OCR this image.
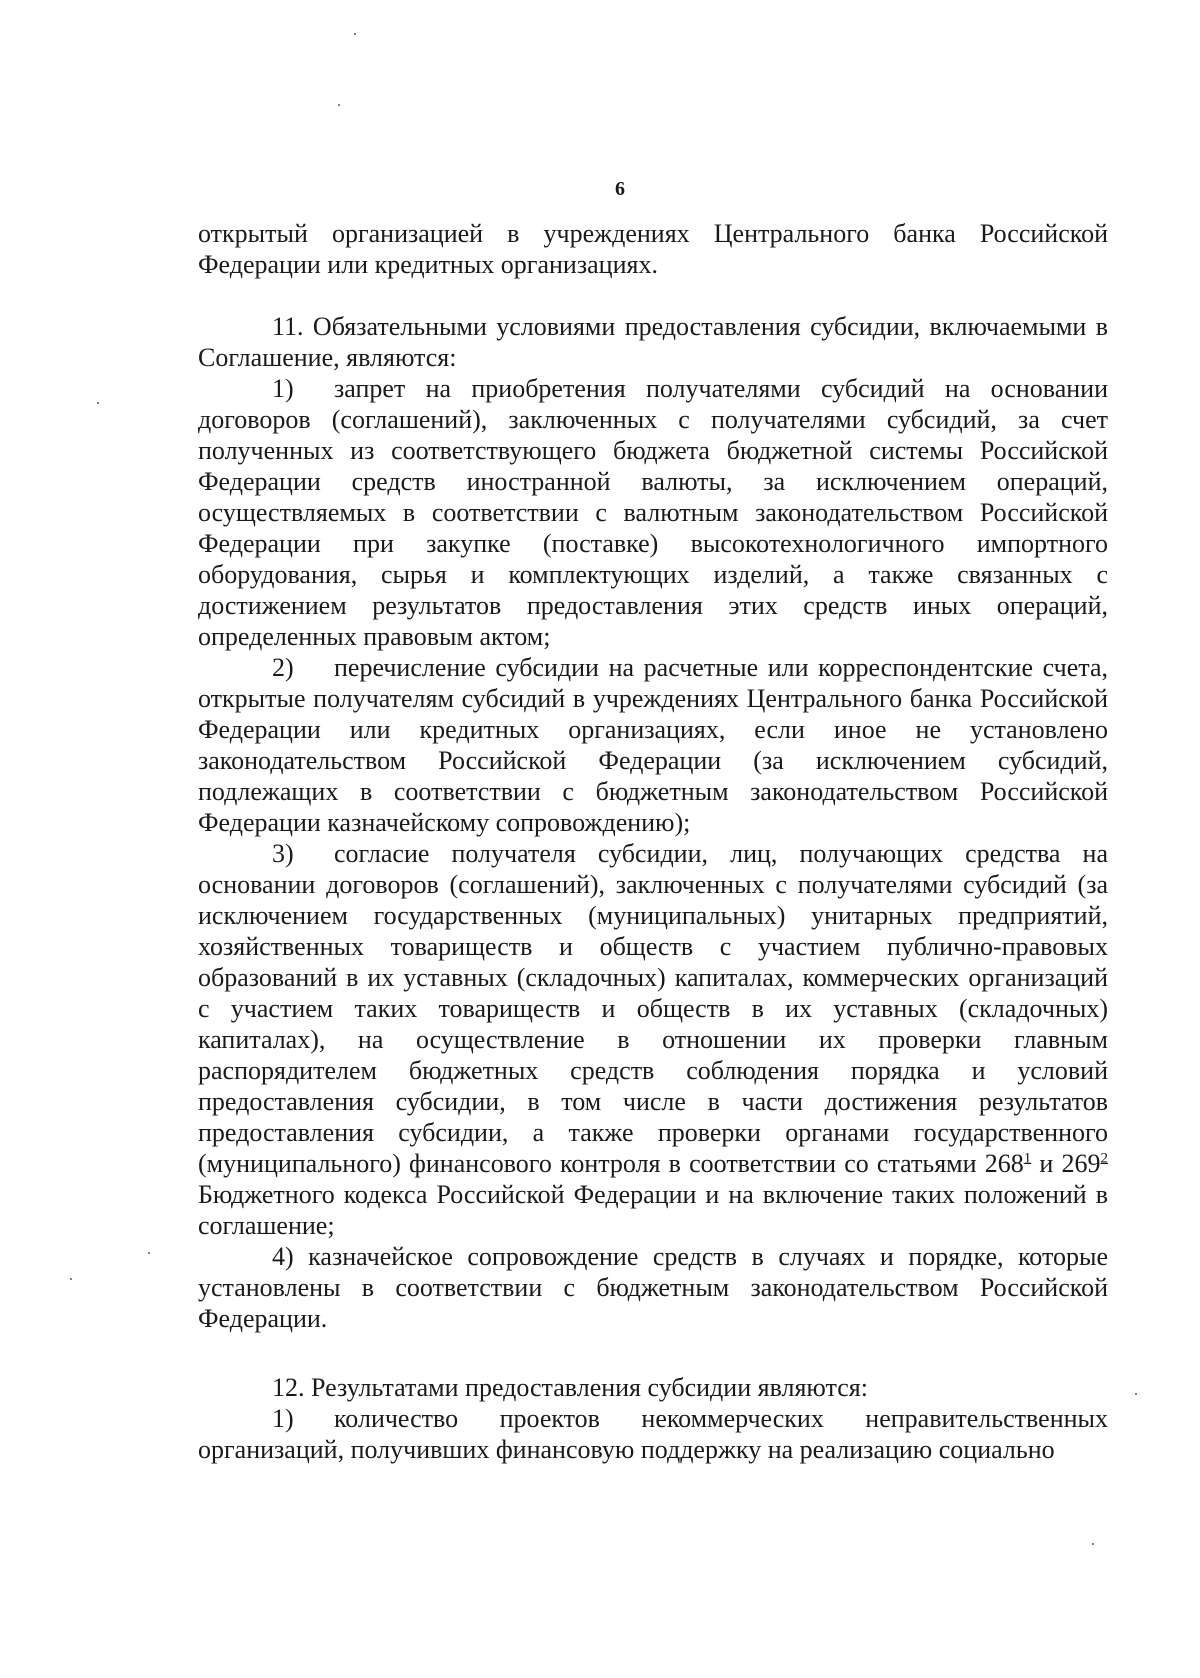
6

открытый организацией в учреждениях Центрального банка Российской Федерации или кредитных организациях.

11. Обязательными условиями предоставления субсидии, включаемыми в Соглашение, являются:

1) запрет на приобретения получателями субсидий на основании договоров (соглашений), заключенных с получателями субсидий, за счет полученных из соответствующего бюджета бюджетной системы Российской Федерации средств иностранной валюты, за исключением операций, осуществляемых в соответствии с валютным законодательством Российской Федерации при закупке (поставке) высокотехнологичного импортного оборудования, сырья и комплектующих изделий, а также связанных с достижением результатов предоставления этих средств иных операций, определенных правовым актом;

2) перечисление субсидии на расчетные или корреспондентские счета, открытые получателям субсидий в учреждениях Центрального банка Российской Федерации или кредитных организациях, если иное не установлено законодательством Российской Федерации (за исключением субсидий, подлежащих в соответствии с бюджетным законодательством Российской Федерации казначейскому сопровождению);

3) согласие получателя субсидии, лиц, получающих средства на основании договоров (соглашений), заключенных с получателями субсидий (за исключением государственных (муниципальных) унитарных предприятий, хозяйственных товариществ и обществ с участием публично-правовых образований в их уставных (складочных) капиталах, коммерческих организаций с участием таких товариществ и обществ в их уставных (складочных) капиталах), на осуществление в отношении их проверки главным распорядителем бюджетных средств соблюдения порядка и условий предоставления субсидии, в том числе в части достижения результатов предоставления субсидии, а также проверки органами государственного (муниципального) финансового контроля в соответствии со статьями $268^1$ и $269^2$ Бюджетного кодекса Российской Федерации и на включение таких положений в соглашение;

4) казначейское сопровождение средств в случаях и порядке, которые установлены в соответствии с бюджетным законодательством Российской Федерации.

12. Результатами предоставления субсидии являются:

1) количество проектов некоммерческих неправительственных организаций, получивших финансовую поддержку на реализацию социально
